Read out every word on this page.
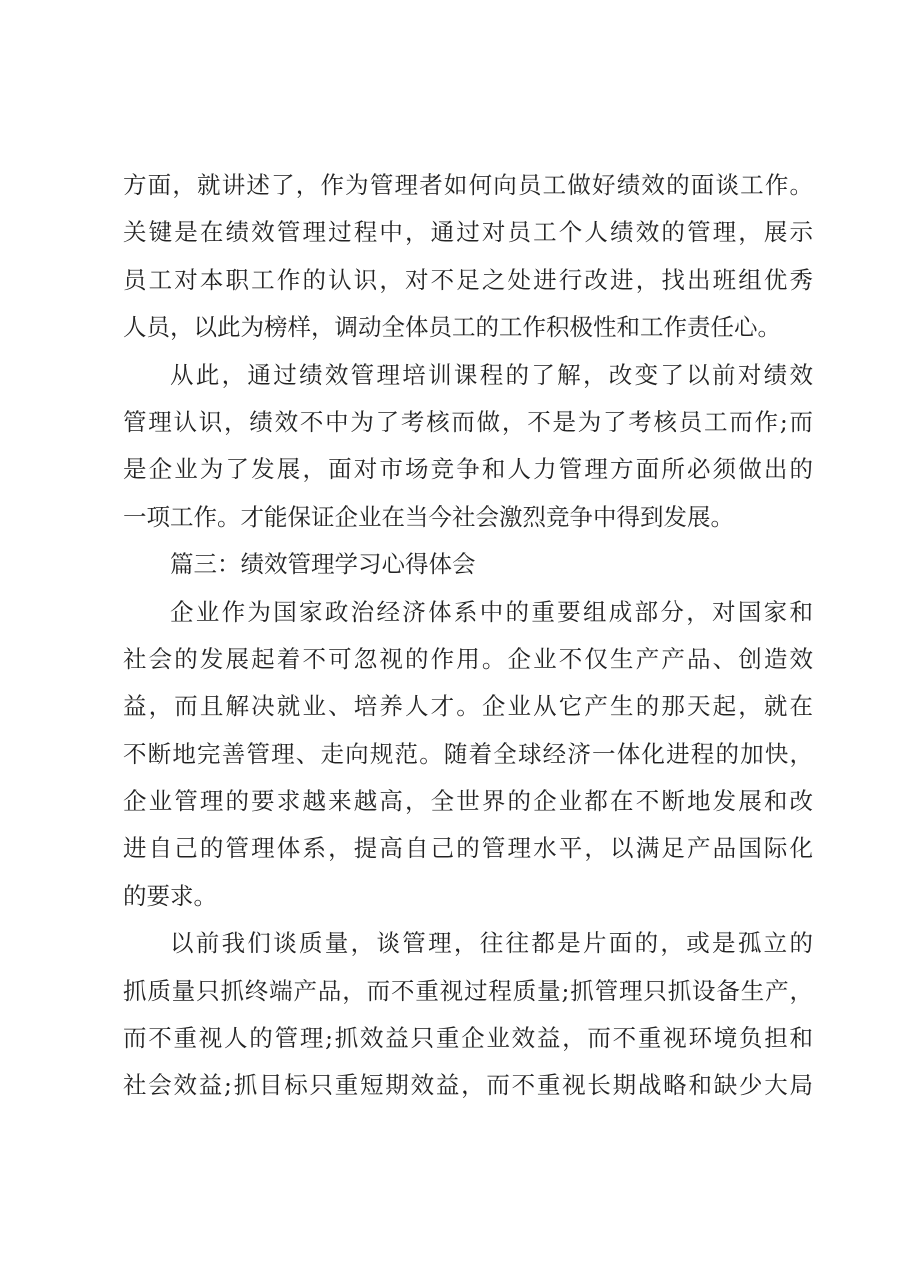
方面，就讲述了，作为管理者如何向员工做好绩效的面谈工作。
关键是在绩效管理过程中，通过对员工个人绩效的管理，展示
员工对本职工作的认识，对不足之处进行改进，找出班组优秀
人员，以此为榜样，调动全体员工的工作积极性和工作责任心。
从此，通过绩效管理培训课程的了解，改变了以前对绩效
管理认识，绩效不中为了考核而做，不是为了考核员工而作;而
是企业为了发展，面对市场竞争和人力管理方面所必须做出的
一项工作。才能保证企业在当今社会激烈竞争中得到发展。
篇三：绩效管理学习心得体会
企业作为国家政治经济体系中的重要组成部分，对国家和
社会的发展起着不可忽视的作用。企业不仅生产产品、创造效
益，而且解决就业、培养人才。企业从它产生的那天起，就在
不断地完善管理、走向规范。随着全球经济一体化进程的加快，
企业管理的要求越来越高，全世界的企业都在不断地发展和改
进自己的管理体系，提高自己的管理水平，以满足产品国际化
的要求。
以前我们谈质量，谈管理，往往都是片面的，或是孤立的
抓质量只抓终端产品，而不重视过程质量;抓管理只抓设备生产，
而不重视人的管理;抓效益只重企业效益，而不重视环境负担和
社会效益;抓目标只重短期效益，而不重视长期战略和缺少大局
